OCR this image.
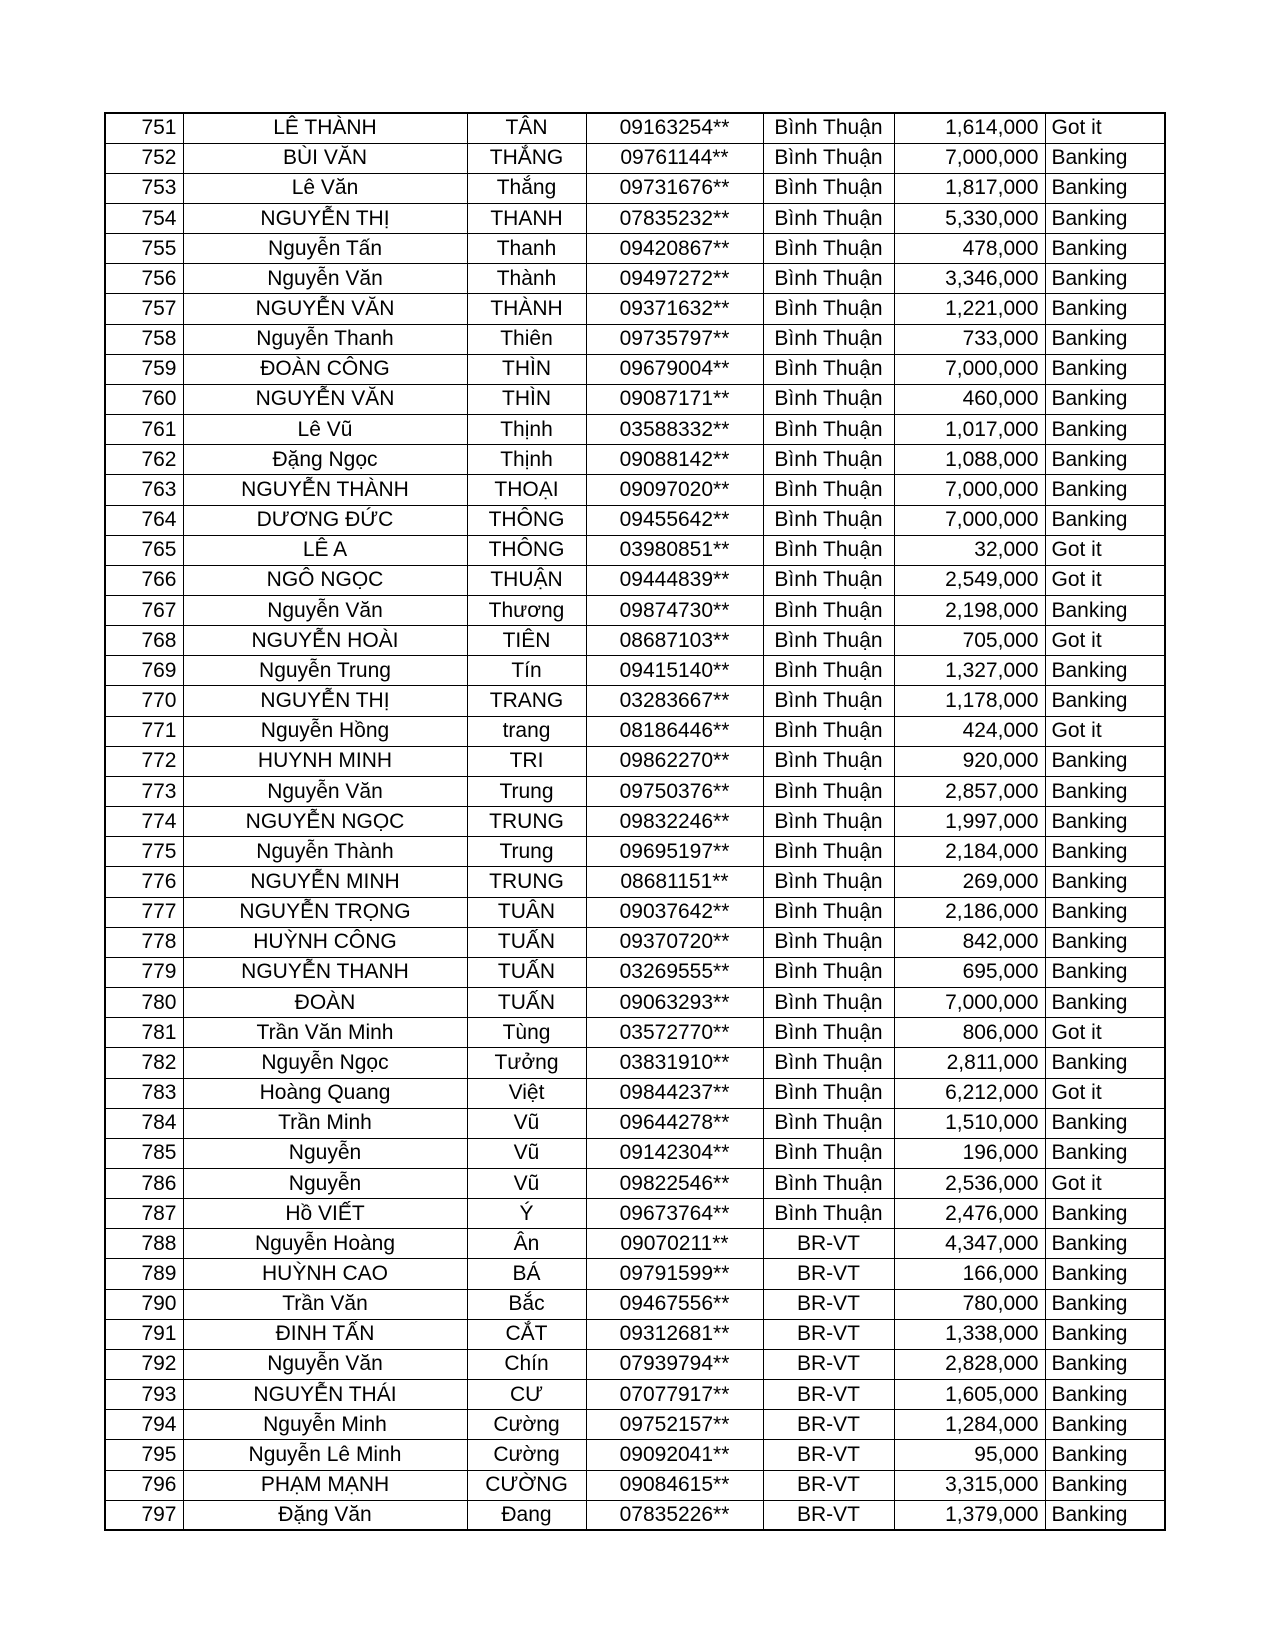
751	LÊ THÀNH	TÂN	09163254**	Bình Thuận	1,614,000	Got it
752	BÙI VĂN	THẮNG	09761144**	Bình Thuận	7,000,000	Banking
753	Lê Văn	Thắng	09731676**	Bình Thuận	1,817,000	Banking
754	NGUYỄN THỊ	THANH	07835232**	Bình Thuận	5,330,000	Banking
755	Nguyễn Tấn	Thanh	09420867**	Bình Thuận	478,000	Banking
756	Nguyễn Văn	Thành	09497272**	Bình Thuận	3,346,000	Banking
757	NGUYỄN VĂN	THÀNH	09371632**	Bình Thuận	1,221,000	Banking
758	Nguyễn Thanh	Thiên	09735797**	Bình Thuận	733,000	Banking
759	ĐOÀN CÔNG	THÌN	09679004**	Bình Thuận	7,000,000	Banking
760	NGUYỄN VĂN	THÌN	09087171**	Bình Thuận	460,000	Banking
761	Lê Vũ	Thịnh	03588332**	Bình Thuận	1,017,000	Banking
762	Đặng Ngọc	Thịnh	09088142**	Bình Thuận	1,088,000	Banking
763	NGUYỄN THÀNH	THOẠI	09097020**	Bình Thuận	7,000,000	Banking
764	DƯƠNG ĐỨC	THÔNG	09455642**	Bình Thuận	7,000,000	Banking
765	LÊ A	THÔNG	03980851**	Bình Thuận	32,000	Got it
766	NGÔ NGỌC	THUẬN	09444839**	Bình Thuận	2,549,000	Got it
767	Nguyễn Văn	Thương	09874730**	Bình Thuận	2,198,000	Banking
768	NGUYỄN HOÀI	TIÊN	08687103**	Bình Thuận	705,000	Got it
769	Nguyễn Trung	Tín	09415140**	Bình Thuận	1,327,000	Banking
770	NGUYỄN THỊ	TRANG	03283667**	Bình Thuận	1,178,000	Banking
771	Nguyễn Hồng	trang	08186446**	Bình Thuận	424,000	Got it
772	HUYNH MINH	TRI	09862270**	Bình Thuận	920,000	Banking
773	Nguyễn Văn	Trung	09750376**	Bình Thuận	2,857,000	Banking
774	NGUYỄN NGỌC	TRUNG	09832246**	Bình Thuận	1,997,000	Banking
775	Nguyễn Thành	Trung	09695197**	Bình Thuận	2,184,000	Banking
776	NGUYỄN MINH	TRUNG	08681151**	Bình Thuận	269,000	Banking
777	NGUYỄN TRỌNG	TUÂN	09037642**	Bình Thuận	2,186,000	Banking
778	HUỲNH CÔNG	TUẤN	09370720**	Bình Thuận	842,000	Banking
779	NGUYỄN THANH	TUẤN	03269555**	Bình Thuận	695,000	Banking
780	ĐOÀN	TUẤN	09063293**	Bình Thuận	7,000,000	Banking
781	Trần Văn Minh	Tùng	03572770**	Bình Thuận	806,000	Got it
782	Nguyễn Ngọc	Tưởng	03831910**	Bình Thuận	2,811,000	Banking
783	Hoàng Quang	Việt	09844237**	Bình Thuận	6,212,000	Got it
784	Trần Minh	Vũ	09644278**	Bình Thuận	1,510,000	Banking
785	Nguyễn	Vũ	09142304**	Bình Thuận	196,000	Banking
786	Nguyễn	Vũ	09822546**	Bình Thuận	2,536,000	Got it
787	Hồ VIẾT	Ý	09673764**	Bình Thuận	2,476,000	Banking
788	Nguyễn Hoàng	Ân	09070211**	BR-VT	4,347,000	Banking
789	HUỲNH CAO	BÁ	09791599**	BR-VT	166,000	Banking
790	Trần Văn	Bắc	09467556**	BR-VT	780,000	Banking
791	ĐINH TẤN	CẮT	09312681**	BR-VT	1,338,000	Banking
792	Nguyễn Văn	Chín	07939794**	BR-VT	2,828,000	Banking
793	NGUYỄN THÁI	CƯ	07077917**	BR-VT	1,605,000	Banking
794	Nguyễn Minh	Cường	09752157**	BR-VT	1,284,000	Banking
795	Nguyễn Lê Minh	Cường	09092041**	BR-VT	95,000	Banking
796	PHẠM MẠNH	CƯỜNG	09084615**	BR-VT	3,315,000	Banking
797	Đặng Văn	Đang	07835226**	BR-VT	1,379,000	Banking
